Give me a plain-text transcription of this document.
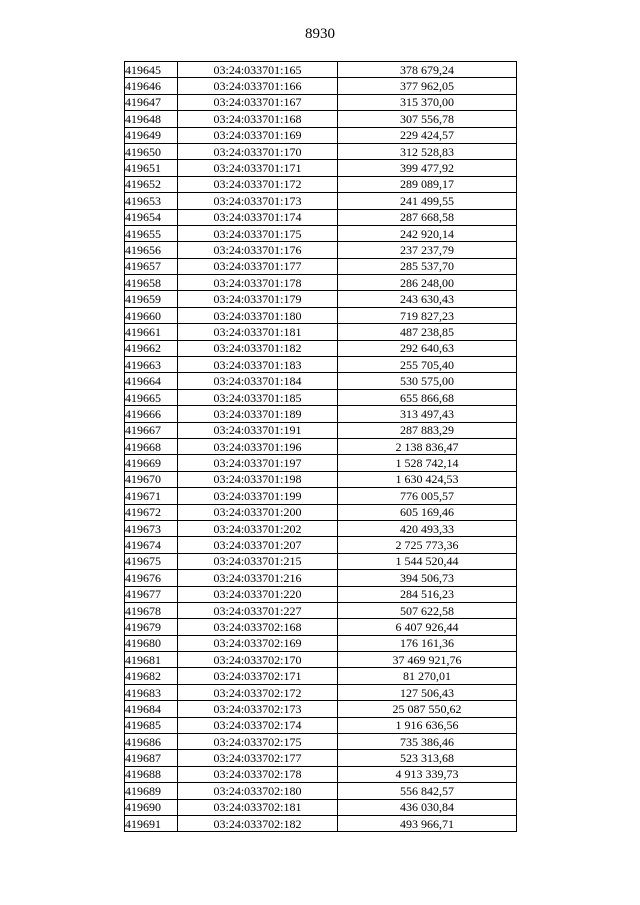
8930
419645	03:24:033701:165	378 679,24
419646	03:24:033701:166	377 962,05
419647	03:24:033701:167	315 370,00
419648	03:24:033701:168	307 556,78
419649	03:24:033701:169	229 424,57
419650	03:24:033701:170	312 528,83
419651	03:24:033701:171	399 477,92
419652	03:24:033701:172	289 089,17
419653	03:24:033701:173	241 499,55
419654	03:24:033701:174	287 668,58
419655	03:24:033701:175	242 920,14
419656	03:24:033701:176	237 237,79
419657	03:24:033701:177	285 537,70
419658	03:24:033701:178	286 248,00
419659	03:24:033701:179	243 630,43
419660	03:24:033701:180	719 827,23
419661	03:24:033701:181	487 238,85
419662	03:24:033701:182	292 640,63
419663	03:24:033701:183	255 705,40
419664	03:24:033701:184	530 575,00
419665	03:24:033701:185	655 866,68
419666	03:24:033701:189	313 497,43
419667	03:24:033701:191	287 883,29
419668	03:24:033701:196	2 138 836,47
419669	03:24:033701:197	1 528 742,14
419670	03:24:033701:198	1 630 424,53
419671	03:24:033701:199	776 005,57
419672	03:24:033701:200	605 169,46
419673	03:24:033701:202	420 493,33
419674	03:24:033701:207	2 725 773,36
419675	03:24:033701:215	1 544 520,44
419676	03:24:033701:216	394 506,73
419677	03:24:033701:220	284 516,23
419678	03:24:033701:227	507 622,58
419679	03:24:033702:168	6 407 926,44
419680	03:24:033702:169	176 161,36
419681	03:24:033702:170	37 469 921,76
419682	03:24:033702:171	81 270,01
419683	03:24:033702:172	127 506,43
419684	03:24:033702:173	25 087 550,62
419685	03:24:033702:174	1 916 636,56
419686	03:24:033702:175	735 386,46
419687	03:24:033702:177	523 313,68
419688	03:24:033702:178	4 913 339,73
419689	03:24:033702:180	556 842,57
419690	03:24:033702:181	436 030,84
419691	03:24:033702:182	493 966,71
